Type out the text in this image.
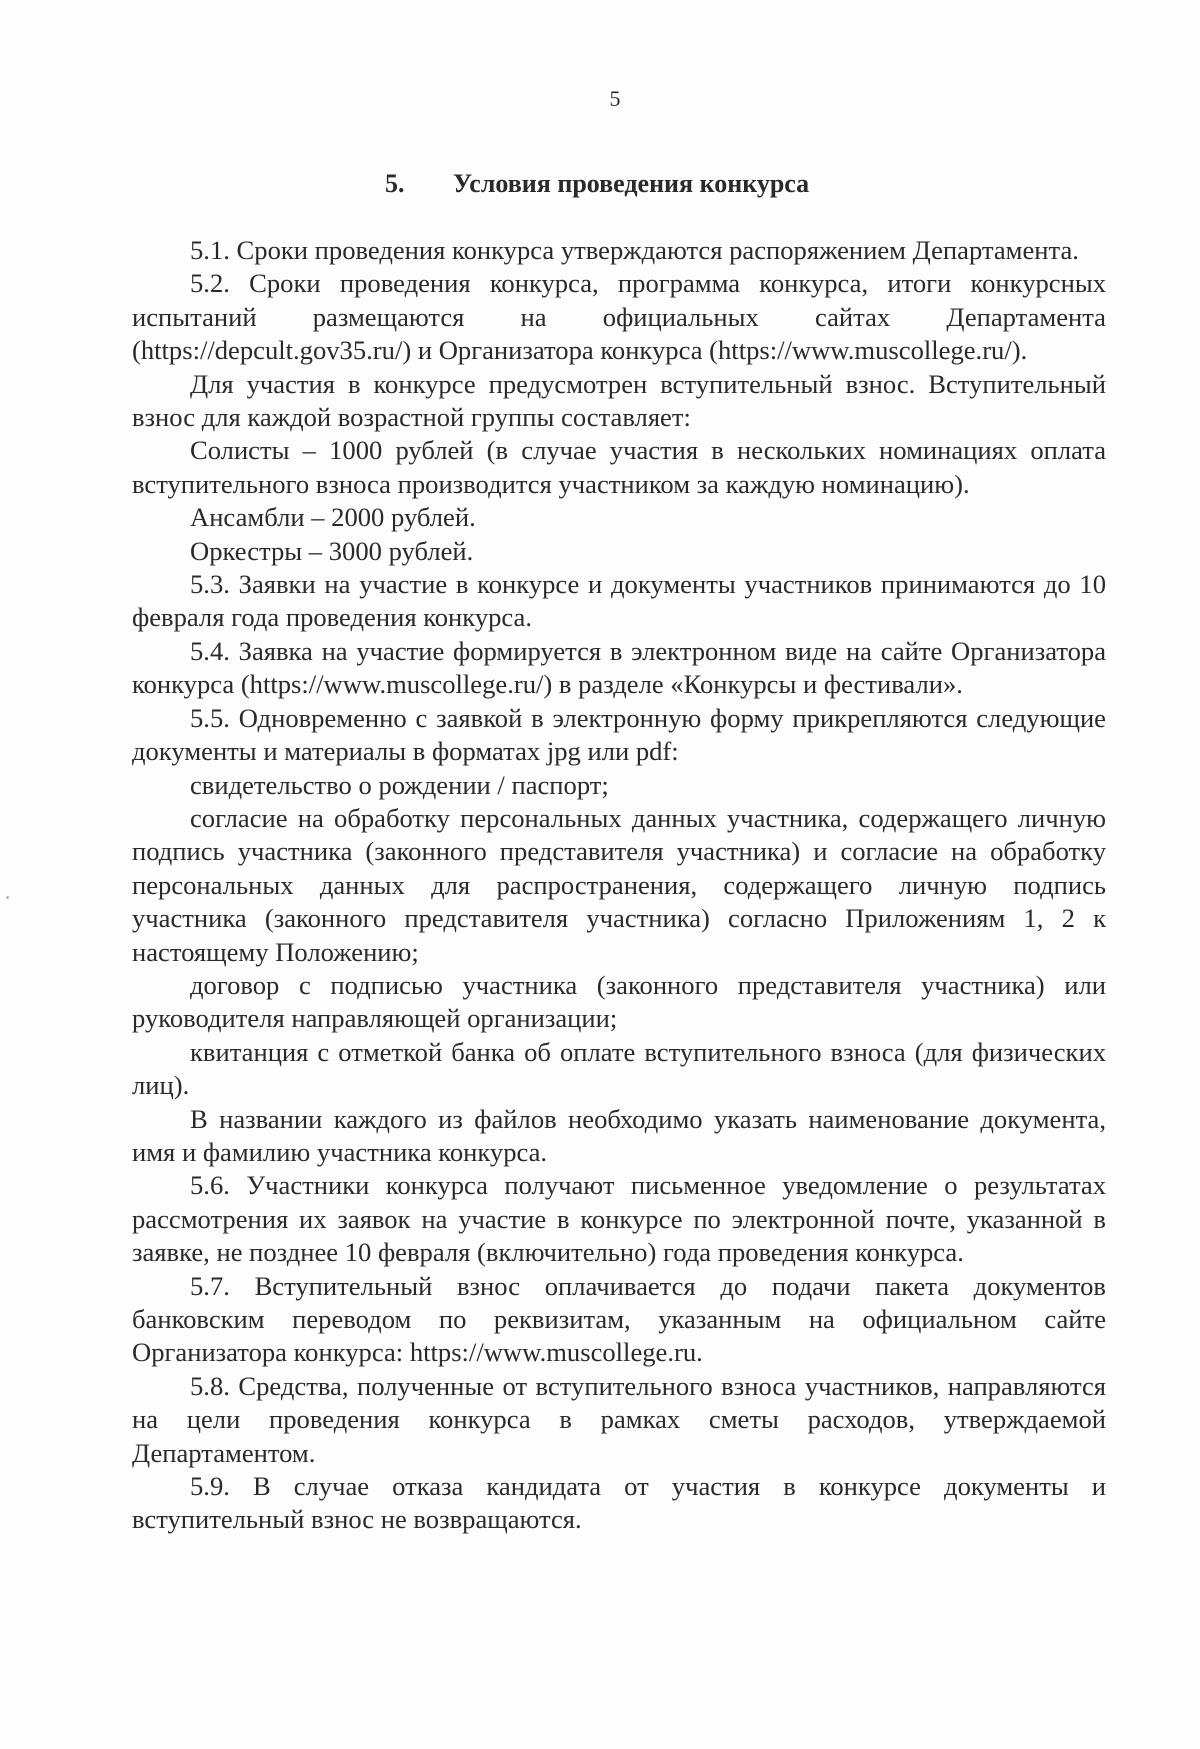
5
5. Условия проведения конкурса

5.1. Сроки проведения конкурса утверждаются распоряжением Департамента.

5.2. Сроки проведения конкурса, программа конкурса, итоги конкурсных испытаний размещаются на официальных сайтах Департамента (https://depcult.gov35.ru/) и Организатора конкурса (https://www.muscollege.ru/).

Для участия в конкурсе предусмотрен вступительный взнос. Вступительный взнос для каждой возрастной группы составляет:

Солисты – 1000 рублей (в случае участия в нескольких номинациях оплата вступительного взноса производится участником за каждую номинацию).

Ансамбли – 2000 рублей.

Оркестры – 3000 рублей.

5.3. Заявки на участие в конкурсе и документы участников принимаются до 10 февраля года проведения конкурса.

5.4. Заявка на участие формируется в электронном виде на сайте Организатора конкурса (https://www.muscollege.ru/) в разделе «Конкурсы и фестивали».

5.5. Одновременно с заявкой в электронную форму прикрепляются следующие документы и материалы в форматах jpg или pdf:

свидетельство о рождении / паспорт;

согласие на обработку персональных данных участника, содержащего личную подпись участника (законного представителя участника) и согласие на обработку персональных данных для распространения, содержащего личную подпись участника (законного представителя участника) согласно Приложениям 1, 2 к настоящему Положению;

договор с подписью участника (законного представителя участника) или руководителя направляющей организации;

квитанция с отметкой банка об оплате вступительного взноса (для физических лиц).

В названии каждого из файлов необходимо указать наименование документа, имя и фамилию участника конкурса.

5.6. Участники конкурса получают письменное уведомление о результатах рассмотрения их заявок на участие в конкурсе по электронной почте, указанной в заявке, не позднее 10 февраля (включительно) года проведения конкурса.

5.7. Вступительный взнос оплачивается до подачи пакета документов банковским переводом по реквизитам, указанным на официальном сайте Организатора конкурса: https://www.muscollege.ru.

5.8. Средства, полученные от вступительного взноса участников, направляются на цели проведения конкурса в рамках сметы расходов, утверждаемой Департаментом.

5.9. В случае отказа кандидата от участия в конкурсе документы и вступительный взнос не возвращаются.
